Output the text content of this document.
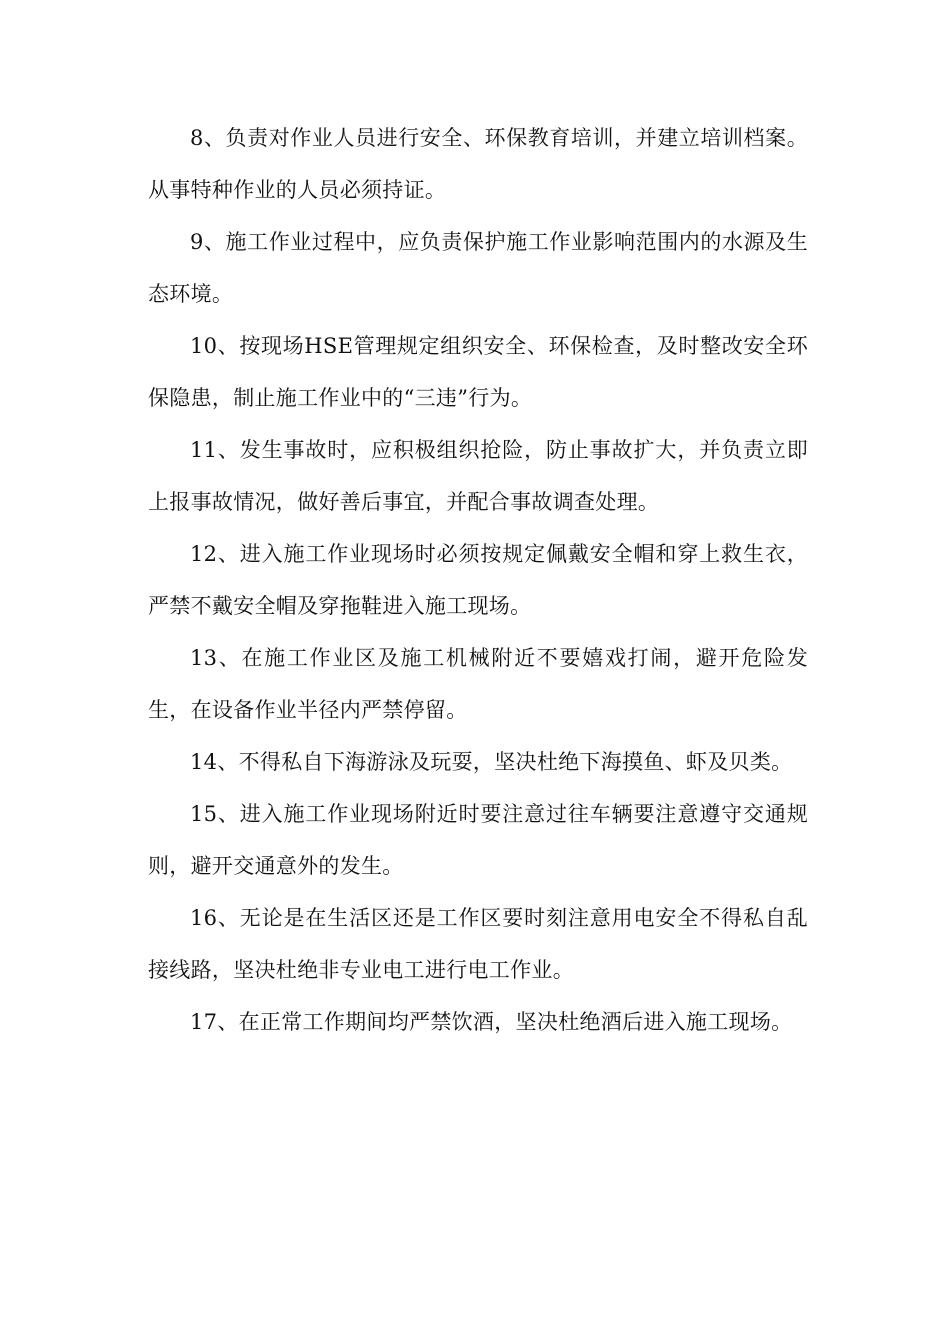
8、负责对作业人员进行安全、环保教育培训，并建立培训档案。从事特种作业的人员必须持证。

9、施工作业过程中，应负责保护施工作业影响范围内的水源及生态环境。

10、按现场HSE管理规定组织安全、环保检查，及时整改安全环保隐患，制止施工作业中的“三违”行为。

11、发生事故时，应积极组织抢险，防止事故扩大，并负责立即上报事故情况，做好善后事宜，并配合事故调查处理。

12、进入施工作业现场时必须按规定佩戴安全帽和穿上救生衣，严禁不戴安全帽及穿拖鞋进入施工现场。

13、在施工作业区及施工机械附近不要嬉戏打闹，避开危险发生，在设备作业半径内严禁停留。

14、不得私自下海游泳及玩耍，坚决杜绝下海摸鱼、虾及贝类。

15、进入施工作业现场附近时要注意过往车辆要注意遵守交通规则，避开交通意外的发生。

16、无论是在生活区还是工作区要时刻注意用电安全不得私自乱接线路，坚决杜绝非专业电工进行电工作业。

17、在正常工作期间均严禁饮酒，坚决杜绝酒后进入施工现场。
